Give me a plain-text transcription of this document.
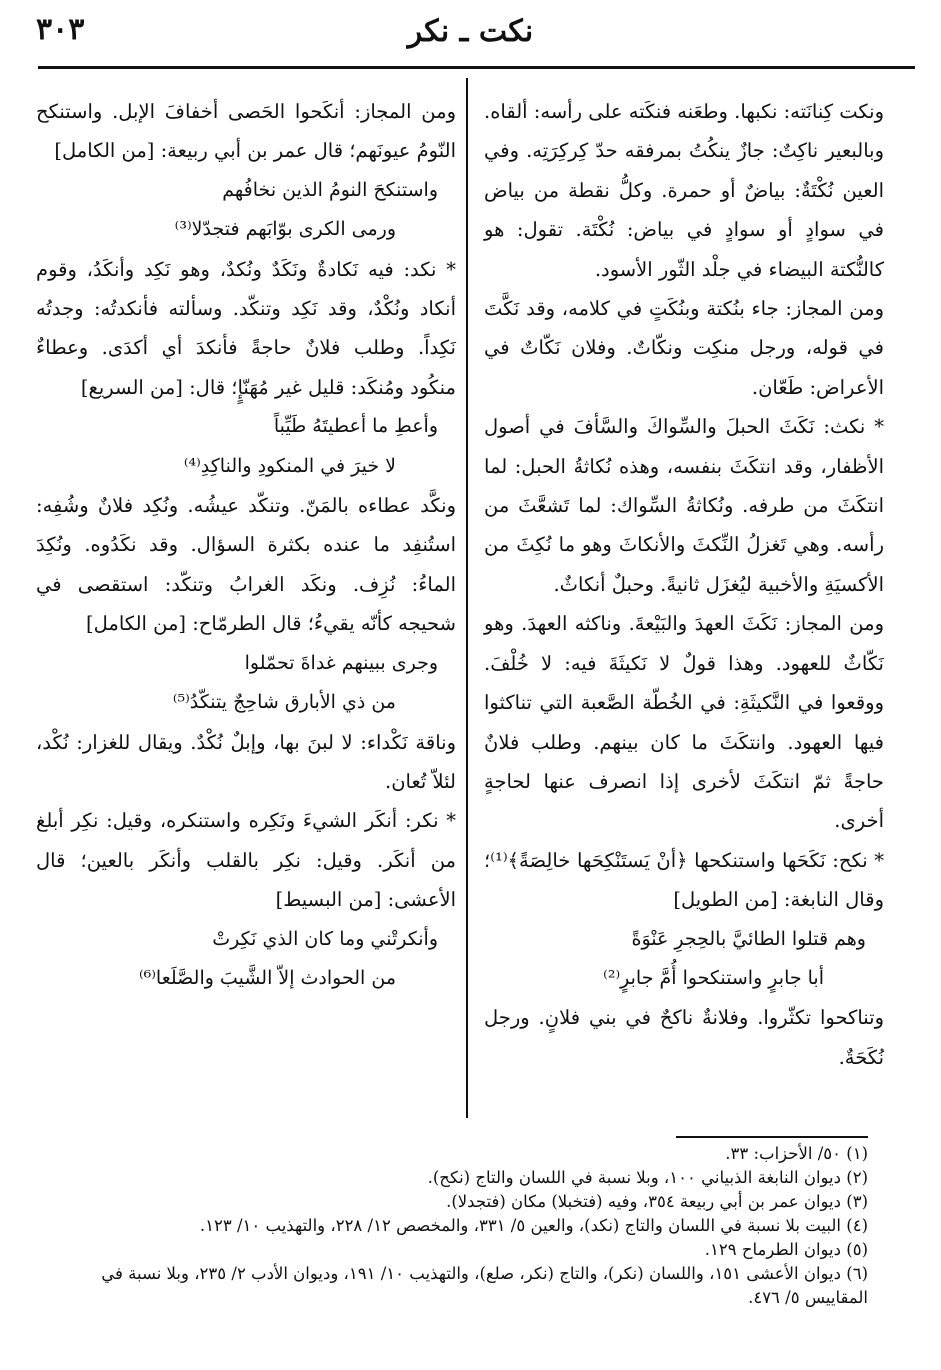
٣٠٣	نكت ـ نكر

ونكت كِنانَته: نكبها. وطعَنه فنكَته على رأسه: ألقاه. وبالبعير ناكِتٌ: جازٌ ينكُتُ بمرفقه حدّ كِركِرَتِه. وفي العين نُكْتَةٌ: بياضٌ أو حمرة. وكلُّ نقطة من بياض في سوادٍ أو سوادٍ في بياض: نُكْتَة. تقول: هو كالنُّكتة البيضاء في جلْد الثّور الأسود.

ومن المجاز: جاء بنُكتة وبنُكَتٍ في كلامه، وقد نَكَّتَ في قوله، ورجل منكِت ونكّاتٌ. وفلان نَكّاتٌ في الأعراض: طَعّان.

* نكث: نَكَثَ الحبلَ والسِّواكَ والسَّأفَ في أصول الأظفار، وقد انتكَثَ بنفسه، وهذه نُكاثةُ الحبل: لما انتكَثَ من طرفه. ونُكاثةُ السِّواك: لما تَشعَّثَ من رأسه. وهي تَغزلُ النِّكثَ والأنكاثَ وهو ما نُكِثَ من الأكسيَةِ والأخبية ليُغزَل ثانيةً. وحبلٌ أنكاثٌ.

ومن المجاز: نَكَثَ العهدَ والبَيْعةَ. وناكثه العهدَ. وهو نَكّاثٌ للعهود. وهذا قولٌ لا نَكيثَةَ فيه: لا خُلْفَ. ووقعوا في النَّكيثَةِ: في الخُطّة الصَّعبة التي تناكثوا فيها العهود. وانتكَثَ ما كان بينهم. وطلب فلانٌ حاجةً ثمّ انتكَثَ لأخرى إذا انصرف عنها لحاجةٍ أخرى.

* نكح: نَكَحَها واستنكحها ﴿أنْ يَستَنْكِحَها خالِصَةً﴾⁽¹⁾؛ وقال النابغة: [من الطويل]

وهم قتلوا الطائيَّ بالحِجرِ عَنْوَةً

أبا جابرٍ واستنكحوا أُمَّ جابرٍ⁽²⁾

وتناكحوا تكثّروا. وفلانةٌ ناكحٌ في بني فلانٍ. ورجل نُكَحَةٌ.

ومن المجاز: أنكَحوا الحَصى أخفافَ الإبل. واستنكح النّومُ عيونَهم؛ قال عمر بن أبي ربيعة: [من الكامل]

واستنكحَ النومُ الذين نخافُهم

ورمى الكرى بوّابَهم فتجدّلا⁽³⁾

* نكد: فيه نَكادةٌ ونَكَدٌ ونُكدٌ، وهو نَكِد وأنكَدُ، وقوم أنكاد ونُكْدٌ، وقد نَكِد وتنكّد. وسألته فأنكدتُه: وجدتُه نَكِداً. وطلب فلانٌ حاجةً فأنكدَ أي أكدَى. وعطاءٌ منكُود ومُنكَد: قليل غير مُهَنّإٍ؛ قال: [من السريع]

وأعطِ ما أعطيتَهُ طَيِّباً

لا خيرَ في المنكودِ والناكِدِ⁽⁴⁾

ونكَّد عطاءه بالمَنّ. وتنكّد عيشُه. ونُكِد فلانٌ وشُفِه: استُنفِد ما عنده بكثرة السؤال. وقد نكَدُوه. ونُكِدَ الماءُ: نُزِف. ونكَد الغرابُ وتنكّد: استقصى في شحيجه كأنّه يقيءُ؛ قال الطرمّاح: [من الكامل]

وجرى ببينهم غداةَ تحمّلوا

من ذي الأبارق شاحِجٌ يتنكّدُ⁽⁵⁾

وناقة نَكْداء: لا لبنَ بها، وإبلٌ نُكْدٌ. ويقال للغزار: نُكْد، لئلاّ تُعان.

* نكر: أنكَر الشيءَ ونَكِره واستنكره، وقيل: نكِر أبلغ من أنكَر. وقيل: نكِر بالقلب وأنكَر بالعين؛ قال الأعشى: [من البسيط]

وأنكرتْني وما كان الذي نَكِرتْ

من الحوادث إلاّ الشَّيبَ والصَّلَعا⁽⁶⁾

(١) ٥٠/ الأحزاب: ٣٣.

(٢) ديوان النابغة الذبياني ١٠٠، وبلا نسبة في اللسان والتاج (نكح).

(٣) ديوان عمر بن أبي ربيعة ٣٥٤، وفيه (فتخبلا) مكان (فتجدلا).

(٤) البيت بلا نسبة في اللسان والتاج (نكد)، والعين ٥/ ٣٣١، والمخصص ١٢/ ٢٢٨، والتهذيب ١٠/ ١٢٣.

(٥) ديوان الطرماح ١٢٩.

(٦) ديوان الأعشى ١٥١، واللسان (نكر)، والتاج (نكر، صلع)، والتهذيب ١٠/ ١٩١، وديوان الأدب ٢/ ٢٣٥، وبلا نسبة في المقاييس ٥/ ٤٧٦.
